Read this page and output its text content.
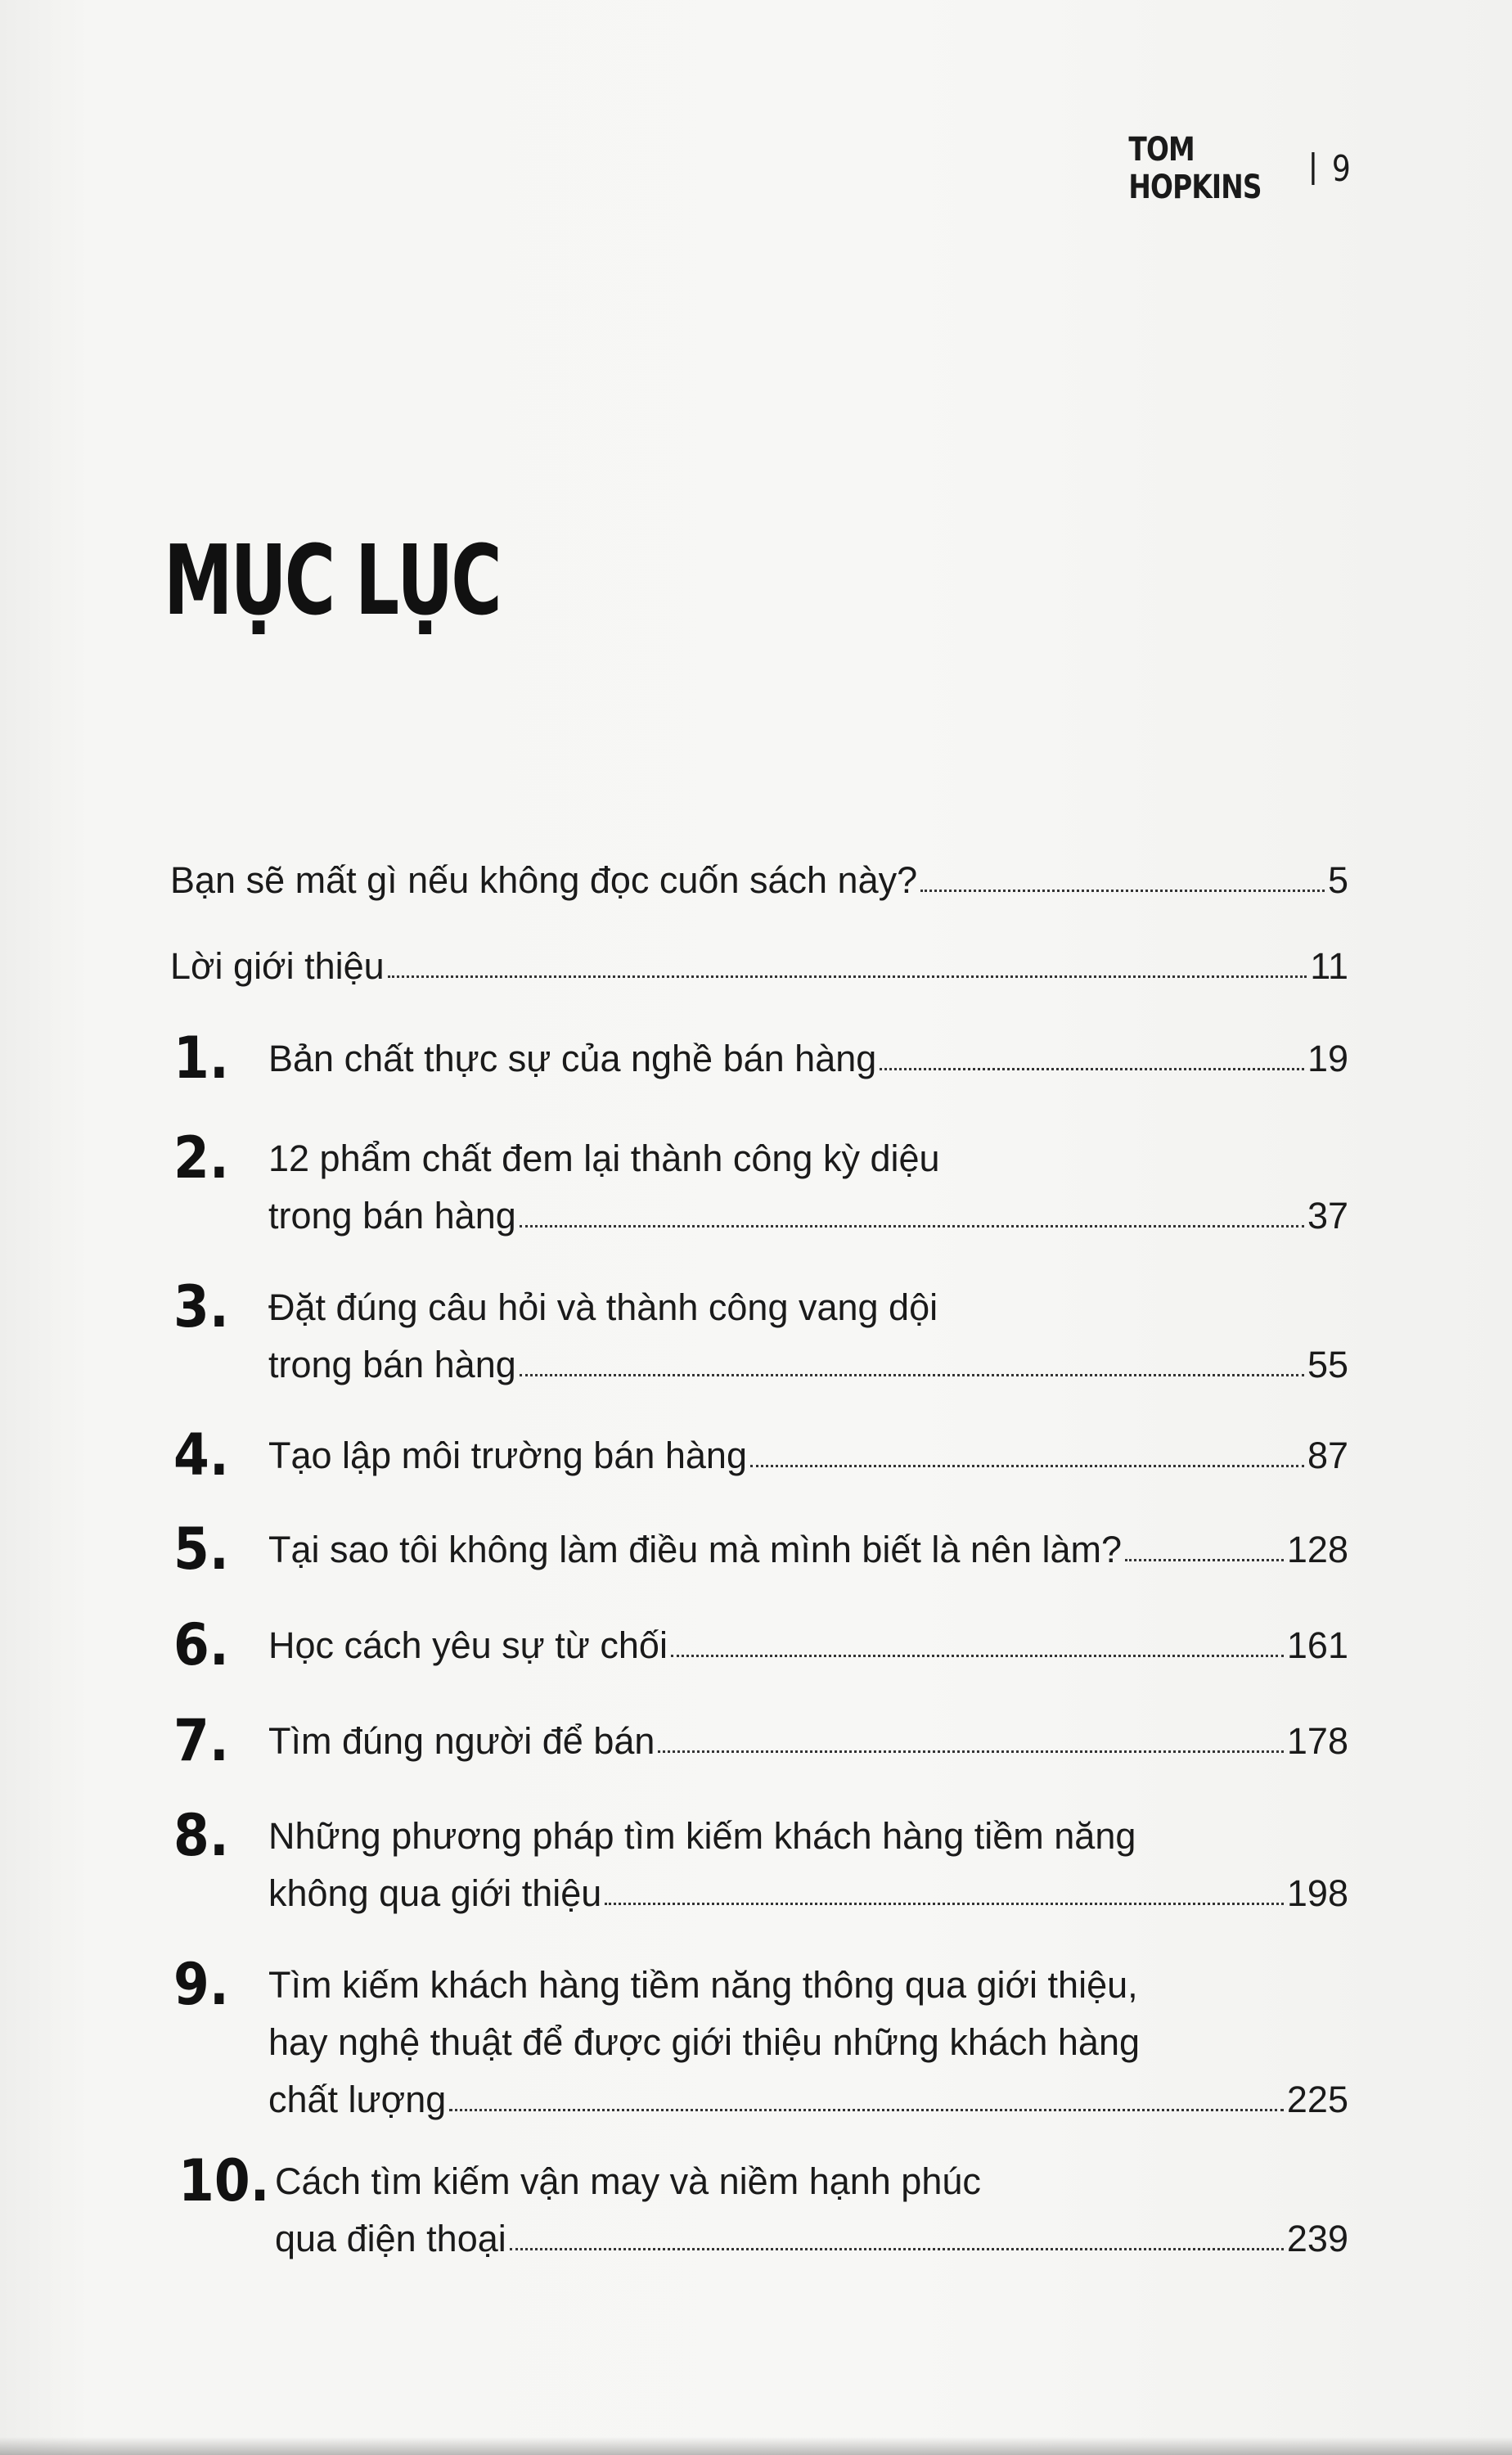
TOM HOPKINS	9
MỤC LỤC
Bạn sẽ mất gì nếu không đọc cuốn sách này?	5
Lời giới thiệu	11
1. Bản chất thực sự của nghề bán hàng	19
2. 12 phẩm chất đem lại thành công kỳ diệu
trong bán hàng	37
3. Đặt đúng câu hỏi và thành công vang dội
trong bán hàng	55
4. Tạo lập môi trường bán hàng	87
5. Tại sao tôi không làm điều mà mình biết là nên làm?	128
6. Học cách yêu sự từ chối	161
7. Tìm đúng người để bán	178
8. Những phương pháp tìm kiếm khách hàng tiềm năng
không qua giới thiệu	198
9. Tìm kiếm khách hàng tiềm năng thông qua giới thiệu,
hay nghệ thuật để được giới thiệu những khách hàng
chất lượng	225
10. Cách tìm kiếm vận may và niềm hạnh phúc
qua điện thoại	239
